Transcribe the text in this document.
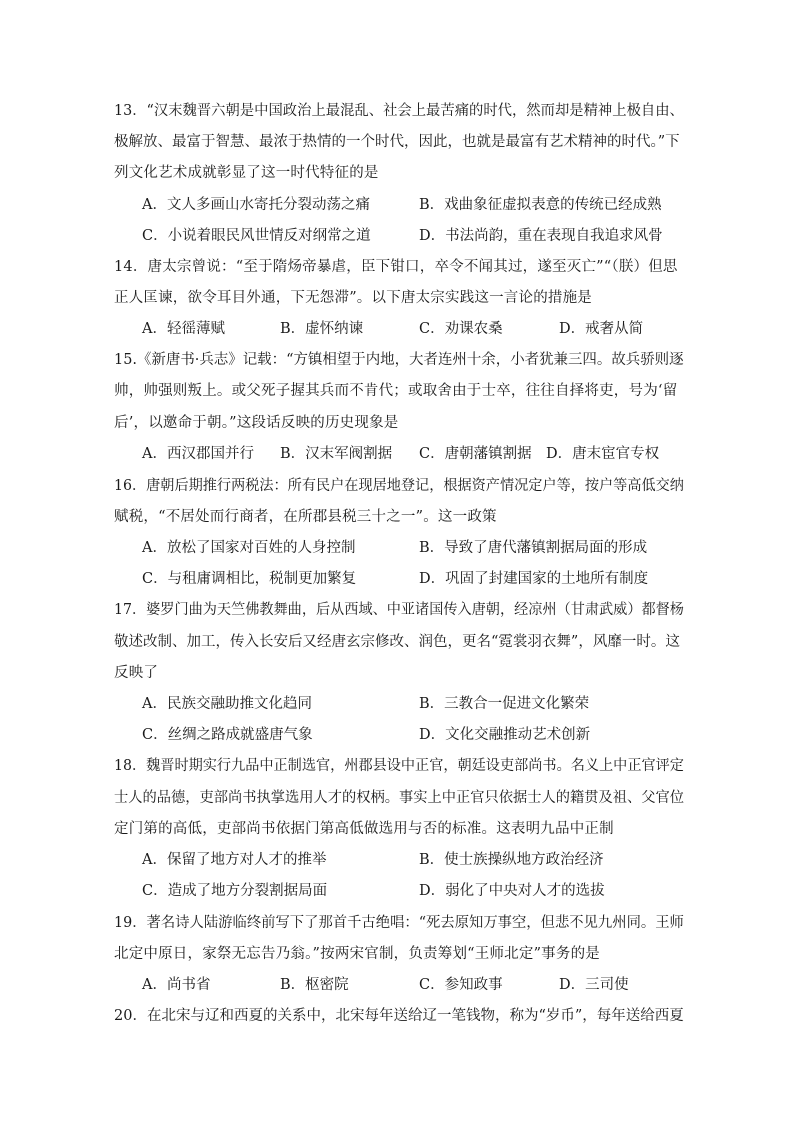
13．“汉末魏晋六朝是中国政治上最混乱、社会上最苦痛的时代，然而却是精神上极自由、
极解放、最富于智慧、最浓于热情的一个时代，因此，也就是最富有艺术精神的时代。”下
列文化艺术成就彰显了这一时代特征的是
A．文人多画山水寄托分裂动荡之痛	B．戏曲象征虚拟表意的传统已经成熟
C．小说着眼民风世情反对纲常之道	D．书法尚韵，重在表现自我追求风骨
14．唐太宗曾说：“至于隋炀帝暴虐，臣下钳口，卒令不闻其过，遂至灭亡”“（朕）但思
正人匡谏，欲令耳目外通，下无怨滞”。以下唐太宗实践这一言论的措施是
A．轻徭薄赋	B．虚怀纳谏	C．劝课农桑	D．戒奢从简
15.《新唐书·兵志》记载：“方镇相望于内地，大者连州十余，小者犹兼三四。故兵骄则逐
帅，帅强则叛上。或父死子握其兵而不肯代；或取舍由于士卒，往往自择将吏，号为‘留
后’，以邀命于朝。”这段话反映的历史现象是
A．西汉郡国并行 B．汉末军阀割据 C．唐朝藩镇割据 D．唐末宦官专权
16．唐朝后期推行两税法：所有民户在现居地登记，根据资产情况定户等，按户等高低交纳
赋税，“不居处而行商者，在所郡县税三十之一”。这一政策
A．放松了国家对百姓的人身控制	B．导致了唐代藩镇割据局面的形成
C．与租庸调相比，税制更加繁复	D．巩固了封建国家的土地所有制度
17．婆罗门曲为天竺佛教舞曲，后从西域、中亚诸国传入唐朝，经凉州（甘肃武威）都督杨
敬述改制、加工，传入长安后又经唐玄宗修改、润色，更名“霓裳羽衣舞”，风靡一时。这
反映了
A．民族交融助推文化趋同	B．三教合一促进文化繁荣
C．丝绸之路成就盛唐气象	D．文化交融推动艺术创新
18．魏晋时期实行九品中正制选官，州郡县设中正官，朝廷设吏部尚书。名义上中正官评定
士人的品德，吏部尚书执掌选用人才的权柄。事实上中正官只依据士人的籍贯及祖、父官位
定门第的高低，吏部尚书依据门第高低做选用与否的标准。这表明九品中正制
A．保留了地方对人才的推举	B．使士族操纵地方政治经济
C．造成了地方分裂割据局面	D．弱化了中央对人才的选拔
19．著名诗人陆游临终前写下了那首千古绝唱：“死去原知万事空，但悲不见九州同。王师
北定中原日，家祭无忘告乃翁。”按两宋官制，负责筹划“王师北定”事务的是
A．尚书省	B．枢密院	C．参知政事	D．三司使
20．在北宋与辽和西夏的关系中，北宋每年送给辽一笔钱物，称为“岁币”，每年送给西夏
